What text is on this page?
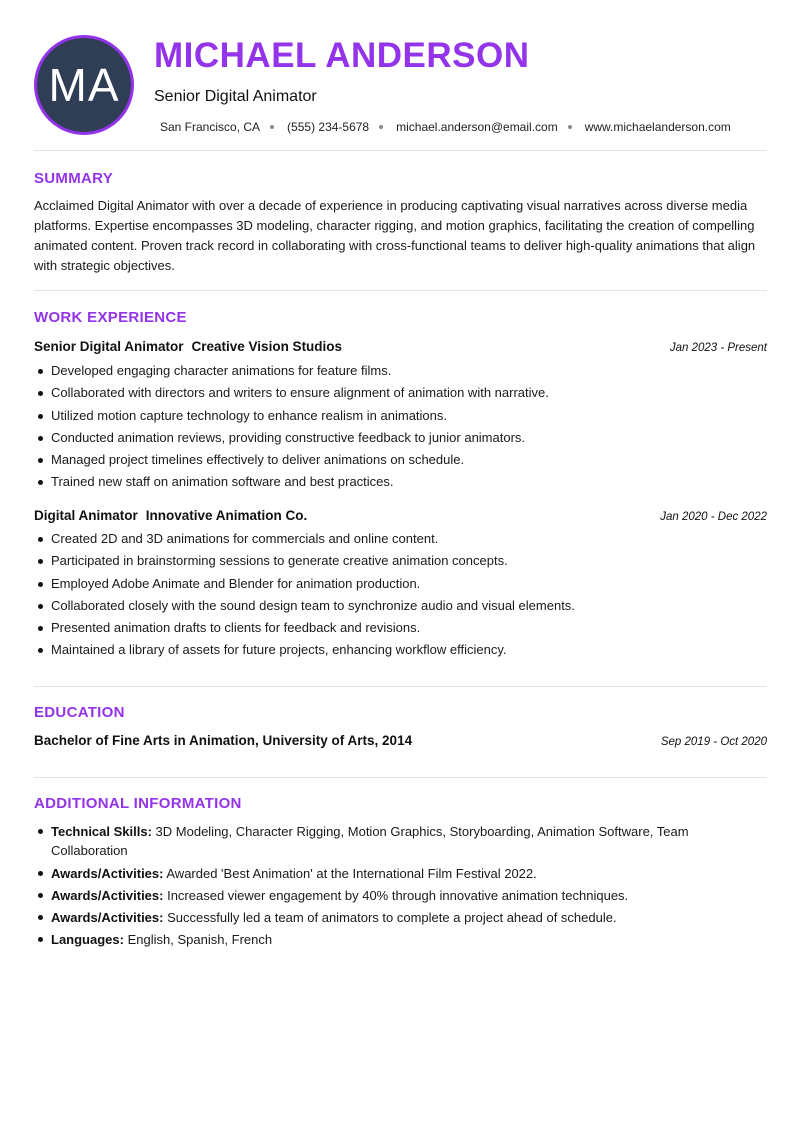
MA
MICHAEL ANDERSON
Senior Digital Animator
San Francisco, CA (555) 234-5678 michael.anderson@email.com www.michaelanderson.com
SUMMARY

Acclaimed Digital Animator with over a decade of experience in producing captivating visual narratives across diverse media platforms. Expertise encompasses 3D modeling, character rigging, and motion graphics, facilitating the creation of compelling animated content. Proven track record in collaborating with cross-functional teams to deliver high-quality animations that align with strategic objectives.

WORK EXPERIENCE
Senior Digital Animator Creative Vision Studios	Jan 2023 - Present
Developed engaging character animations for feature films.
Collaborated with directors and writers to ensure alignment of animation with narrative.
Utilized motion capture technology to enhance realism in animations.
Conducted animation reviews, providing constructive feedback to junior animators.
Managed project timelines effectively to deliver animations on schedule.
Trained new staff on animation software and best practices.
Digital Animator Innovative Animation Co.	Jan 2020 - Dec 2022
Created 2D and 3D animations for commercials and online content.
Participated in brainstorming sessions to generate creative animation concepts.
Employed Adobe Animate and Blender for animation production.
Collaborated closely with the sound design team to synchronize audio and visual elements.
Presented animation drafts to clients for feedback and revisions.
Maintained a library of assets for future projects, enhancing workflow efficiency.
EDUCATION
Bachelor of Fine Arts in Animation, University of Arts, 2014	Sep 2019 - Oct 2020
ADDITIONAL INFORMATION
Technical Skills: 3D Modeling, Character Rigging, Motion Graphics, Storyboarding, Animation Software, Team Collaboration
Awards/Activities: Awarded 'Best Animation' at the International Film Festival 2022.
Awards/Activities: Increased viewer engagement by 40% through innovative animation techniques.
Awards/Activities: Successfully led a team of animators to complete a project ahead of schedule.
Languages: English, Spanish, French
